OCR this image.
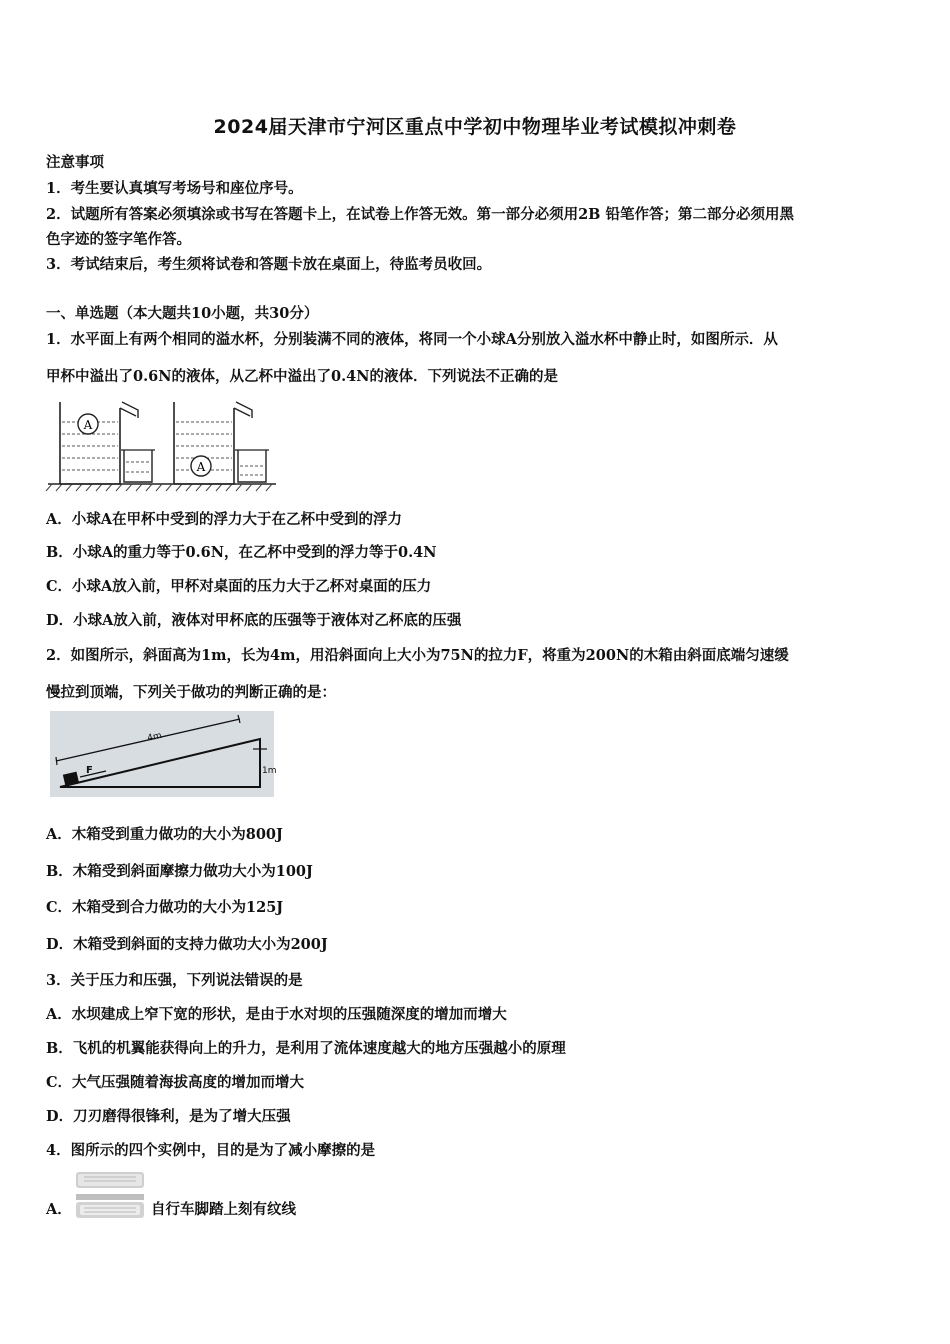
2024届天津市宁河区重点中学初中物理毕业考试模拟冲刺卷
注意事项
1．考生要认真填写考场号和座位序号。
2．试题所有答案必须填涂或书写在答题卡上，在试卷上作答无效。第一部分必须用2B 铅笔作答；第二部分必须用黑
色字迹的签字笔作答。
3．考试结束后，考生须将试卷和答题卡放在桌面上，待监考员收回。
一、单选题（本大题共10小题，共30分）
1．水平面上有两个相同的溢水杯，分别装满不同的液体，将同一个小球A分别放入溢水杯中静止时，如图所示．从
甲杯中溢出了0.6N的液体，从乙杯中溢出了0.4N的液体．下列说法不正确的是
A
A
A．小球A在甲杯中受到的浮力大于在乙杯中受到的浮力
B．小球A的重力等于0.6N，在乙杯中受到的浮力等于0.4N
C．小球A放入前，甲杯对桌面的压力大于乙杯对桌面的压力
D．小球A放入前，液体对甲杯底的压强等于液体对乙杯底的压强
2．如图所示，斜面高为1m，长为4m，用沿斜面向上大小为75N的拉力F，将重为200N的木箱由斜面底端匀速缓
慢拉到顶端，下列关于做功的判断正确的是：
4m
1m
F
A．木箱受到重力做功的大小为800J
B．木箱受到斜面摩擦力做功大小为100J
C．木箱受到合力做功的大小为125J
D．木箱受到斜面的支持力做功大小为200J
3．关于压力和压强，下列说法错误的是
A．水坝建成上窄下宽的形状，是由于水对坝的压强随深度的增加而增大
B．飞机的机翼能获得向上的升力，是利用了流体速度越大的地方压强越小的原理
C．大气压强随着海拔高度的增加而增大
D．刀刃磨得很锋利，是为了增大压强
4．图所示的四个实例中，目的是为了减小摩擦的是
A．	自行车脚踏上刻有纹线
